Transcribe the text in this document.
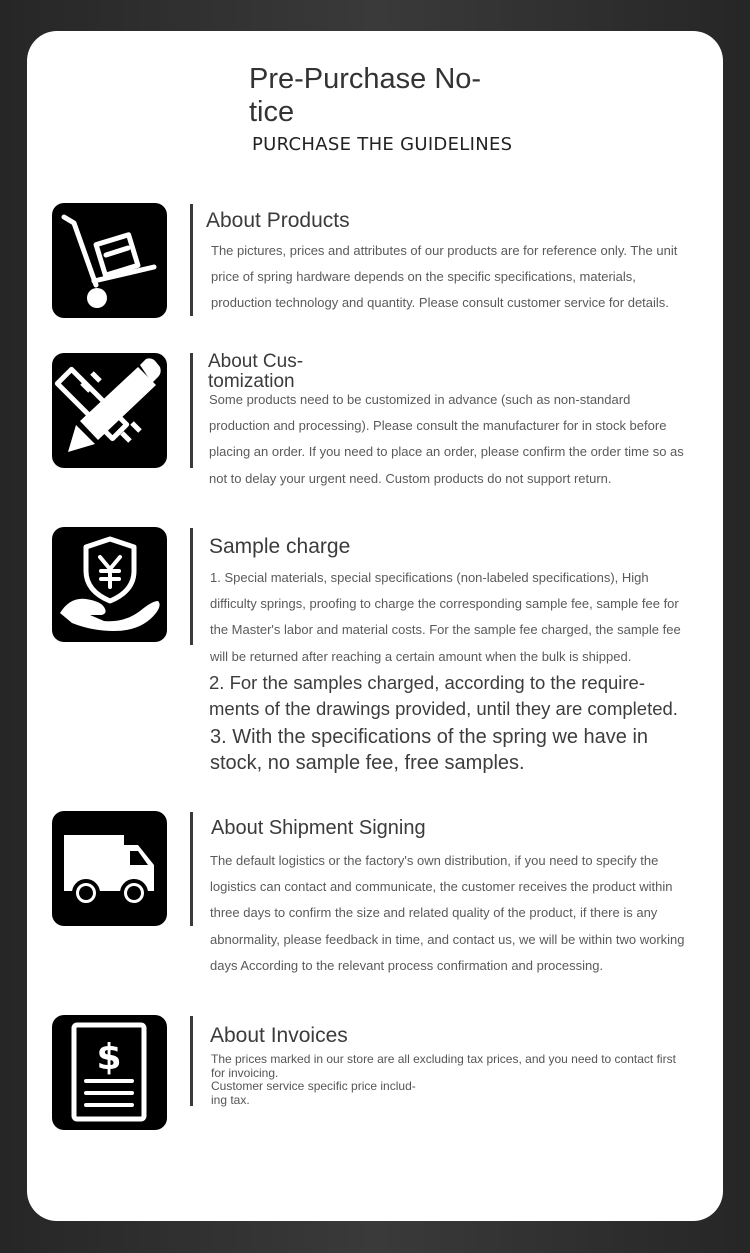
Pre-Purchase No-tice
PURCHASE THE GUIDELINES
About Products
The pictures, prices and attributes of our products are for reference only. The unit price of spring hardware depends on the specific specifications, materials, production technology and quantity. Please consult customer service for details.
About Cus-tomization
Some products need to be customized in advance (such as non-standard production and processing). Please consult the manufacturer for in stock before placing an order. If you need to place an order, please confirm the order time so as not to delay your urgent need. Custom products do not support return.
Sample charge
1. Special materials, special specifications (non-labeled specifications), High difficulty springs, proofing to charge the corresponding sample fee, sample fee for the Master's labor and material costs. For the sample fee charged, the sample fee will be returned after reaching a certain amount when the bulk is shipped.
2. For the samples charged, according to the require-ments of the drawings provided, until they are completed.
3. With the specifications of the spring we have in stock, no sample fee, free samples.
About Shipment Signing
The default logistics or the factory's own distribution, if you need to specify the logistics can contact and communicate, the customer receives the product within three days to confirm the size and related quality of the product, if there is any abnormality, please feedback in time, and contact us, we will be within two working days According to the relevant process confirmation and processing.
$
About Invoices
The prices marked in our store are all excluding tax prices, and you need to contact first for invoicing.
Customer service specific price includ-ing tax.
